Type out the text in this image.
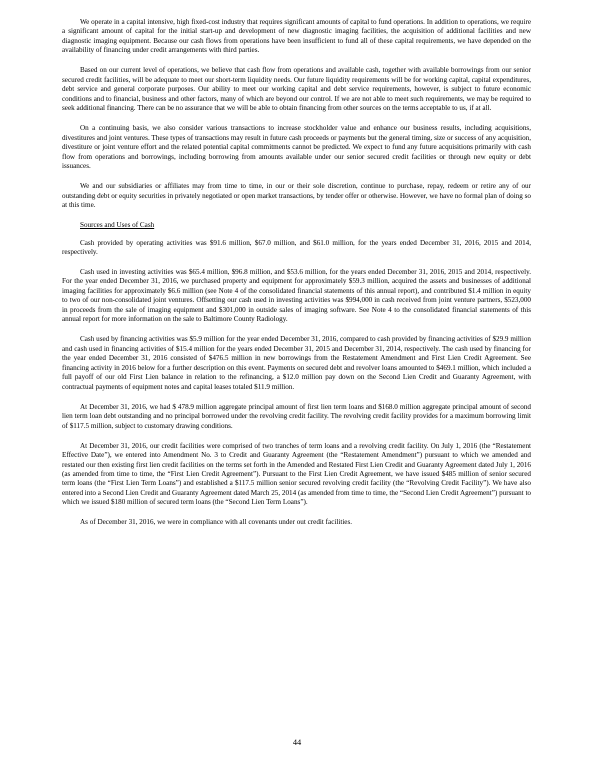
We operate in a capital intensive, high fixed-cost industry that requires significant amounts of capital to fund operations. In addition to operations, we require a significant amount of capital for the initial start-up and development of new diagnostic imaging facilities, the acquisition of additional facilities and new diagnostic imaging equipment. Because our cash flows from operations have been insufficient to fund all of these capital requirements, we have depended on the availability of financing under credit arrangements with third parties.

Based on our current level of operations, we believe that cash flow from operations and available cash, together with available borrowings from our senior secured credit facilities, will be adequate to meet our short-term liquidity needs. Our future liquidity requirements will be for working capital, capital expenditures, debt service and general corporate purposes. Our ability to meet our working capital and debt service requirements, however, is subject to future economic conditions and to financial, business and other factors, many of which are beyond our control. If we are not able to meet such requirements, we may be required to seek additional financing. There can be no assurance that we will be able to obtain financing from other sources on the terms acceptable to us, if at all.

On a continuing basis, we also consider various transactions to increase stockholder value and enhance our business results, including acquisitions, divestitures and joint ventures. These types of transactions may result in future cash proceeds or payments but the general timing, size or success of any acquisition, divestiture or joint venture effort and the related potential capital commitments cannot be predicted. We expect to fund any future acquisitions primarily with cash flow from operations and borrowings, including borrowing from amounts available under our senior secured credit facilities or through new equity or debt issuances.

We and our subsidiaries or affiliates may from time to time, in our or their sole discretion, continue to purchase, repay, redeem or retire any of our outstanding debt or equity securities in privately negotiated or open market transactions, by tender offer or otherwise. However, we have no formal plan of doing so at this time.

Sources and Uses of Cash

Cash provided by operating activities was $91.6 million, $67.0 million, and $61.0 million, for the years ended December 31, 2016, 2015 and 2014, respectively.

Cash used in investing activities was $65.4 million, $96.8 million, and $53.6 million, for the years ended December 31, 2016, 2015 and 2014, respectively. For the year ended December 31, 2016, we purchased property and equipment for approximately $59.3 million, acquired the assets and businesses of additional imaging facilities for approximately $6.6 million (see Note 4 of the consolidated financial statements of this annual report), and contributed $1.4 million in equity to two of our non-consolidated joint ventures. Offsetting our cash used in investing activities was $994,000 in cash received from joint venture partners, $523,000 in proceeds from the sale of imaging equipment and $301,000 in outside sales of imaging software. See Note 4 to the consolidated financial statements of this annual report for more information on the sale to Baltimore County Radiology.

Cash used by financing activities was $5.9 million for the year ended December 31, 2016, compared to cash provided by financing activities of $29.9 million and cash used in financing activities of $15.4 million for the years ended December 31, 2015 and December 31, 2014, respectively. The cash used by financing for the year ended December 31, 2016 consisted of $476.5 million in new borrowings from the Restatement Amendment and First Lien Credit Agreement. See financing activity in 2016 below for a further description on this event. Payments on secured debt and revolver loans amounted to $469.1 million, which included a full payoff of our old First Lien balance in relation to the refinancing, a $12.0 million pay down on the Second Lien Credit and Guaranty Agreement, with contractual payments of equipment notes and capital leases totaled $11.9 million.

At December 31, 2016, we had $ 478.9 million aggregate principal amount of first lien term loans and $168.0 million aggregate principal amount of second lien term loan debt outstanding and no principal borrowed under the revolving credit facility. The revolving credit facility provides for a maximum borrowing limit of $117.5 million, subject to customary drawing conditions.

At December 31, 2016, our credit facilities were comprised of two tranches of term loans and a revolving credit facility. On July 1, 2016 (the “Restatement Effective Date”), we entered into Amendment No. 3 to Credit and Guaranty Agreement (the “Restatement Amendment”) pursuant to which we amended and restated our then existing first lien credit facilities on the terms set forth in the Amended and Restated First Lien Credit and Guaranty Agreement dated July 1, 2016 (as amended from time to time, the “First Lien Credit Agreement”). Pursuant to the First Lien Credit Agreement, we have issued $485 million of senior secured term loans (the “First Lien Term Loans”) and established a $117.5 million senior secured revolving credit facility (the “Revolving Credit Facility”). We have also entered into a Second Lien Credit and Guaranty Agreement dated March 25, 2014 (as amended from time to time, the “Second Lien Credit Agreement”) pursuant to which we issued $180 million of secured term loans (the “Second Lien Term Loans”).

As of December 31, 2016, we were in compliance with all covenants under out credit facilities.

44
